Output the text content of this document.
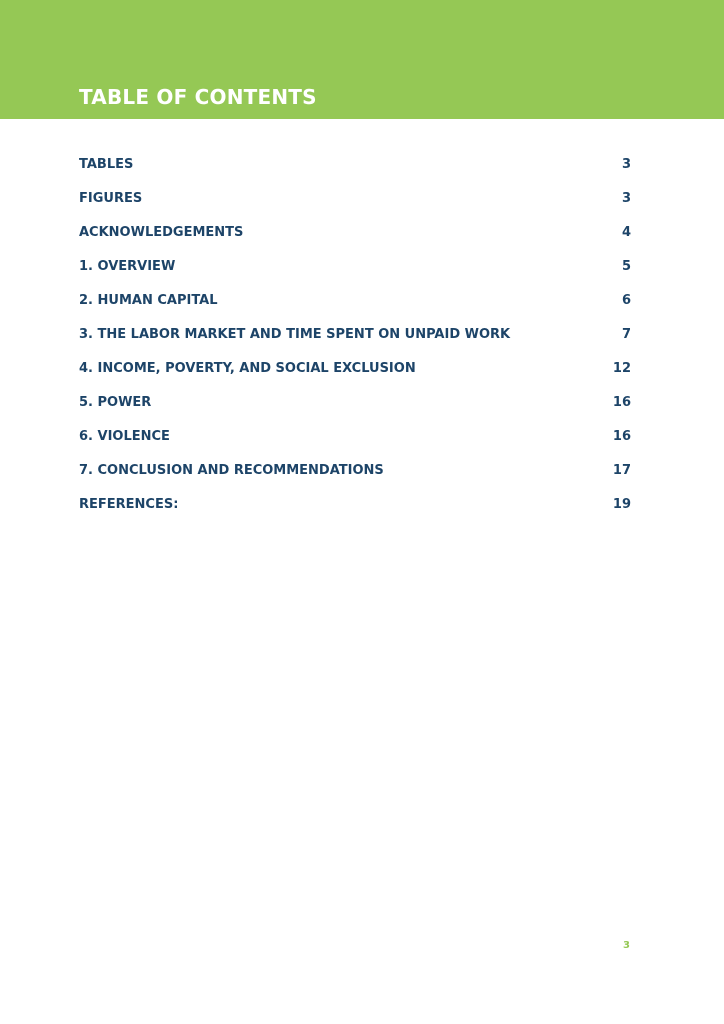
TABLE OF CONTENTS
TABLES	3
FIGURES	3
ACKNOWLEDGEMENTS	4
1. OVERVIEW	5
2. HUMAN CAPITAL	6
3. THE LABOR MARKET AND TIME SPENT ON UNPAID WORK	7
4. INCOME, POVERTY, AND SOCIAL EXCLUSION	12
5. POWER	16
6. VIOLENCE	16
7. CONCLUSION AND RECOMMENDATIONS	17
REFERENCES:	19
3
